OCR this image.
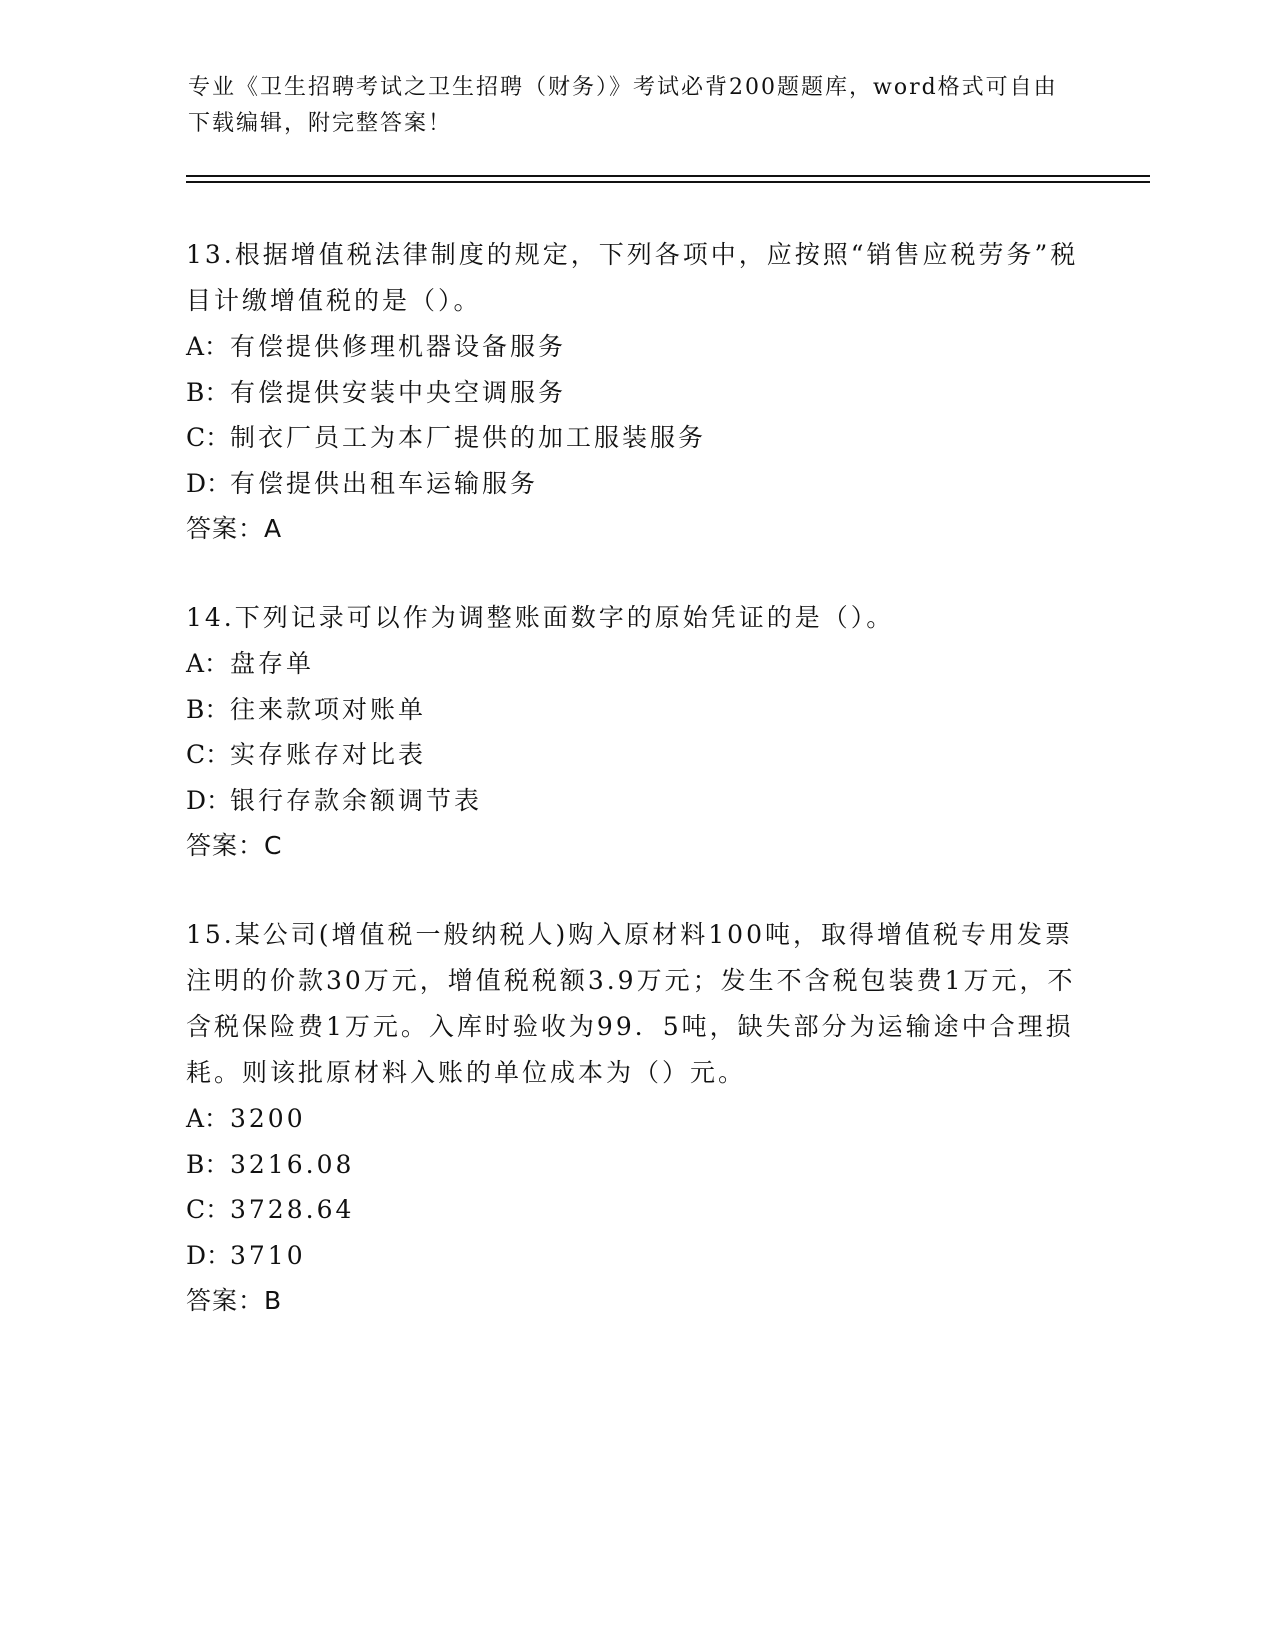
专业《卫生招聘考试之卫生招聘（财务）》考试必背200题题库，word格式可自由下载编辑，附完整答案！
13.根据增值税法律制度的规定，下列各项中，应按照“销售应税劳务”税目计缴增值税的是（）。
A：有偿提供修理机器设备服务
B：有偿提供安装中央空调服务
C：制衣厂员工为本厂提供的加工服装服务
D：有偿提供出租车运输服务
答案：A
14.下列记录可以作为调整账面数字的原始凭证的是（）。
A：盘存单
B：往来款项对账单
C：实存账存对比表
D：银行存款余额调节表
答案：C
15.某公司(增值税一般纳税人)购入原材料100吨，取得增值税专用发票注明的价款30万元，增值税税额3.9万元；发生不含税包装费1万元，不含税保险费1万元。入库时验收为99．5吨，缺失部分为运输途中合理损耗。则该批原材料入账的单位成本为（）元。
A：3200
B：3216.08
C：3728.64
D：3710
答案：B
